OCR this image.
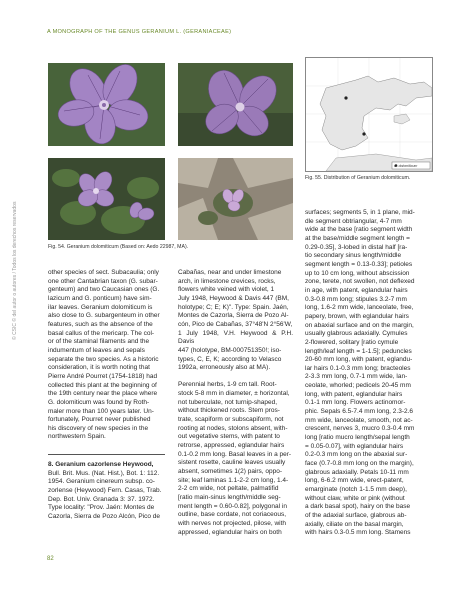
A MONOGRAPH OF THE GENUS GERANIUM L. (GERANIACEAE)
© CSIC © del autor o autores / Todos los derechos reservados	Fig. 54. Geranium dolomiticum (Based on: Aedo 22987, MA).
G. dolomiticum
Fig. 55. Distribution of Geranium dolomiticum.

other species of sect. Subacaulia; only

one other Cantabrian taxon (G. subar-

genteum) and two Caucasian ones (G.

lazicum and G. ponticum) have sim-

ilar leaves. Geranium dolomiticum is

also close to G. subargenteum in other

features, such as the absence of the

basal callus of the mericarp. The col-

or of the staminal filaments and the

indumentum of leaves and sepals

separate the two species. As a historic

consideration, it is worth noting that

Pierre André Pourret (1754-1818) had

collected this plant at the beginning of

the 19th century near the place where

G. dolomiticum was found by Roth-

maler more than 100 years later. Un-

fortunately, Pourret never published

his discovery of new species in the

northwestern Spain.

8. Geranium cazorlense Heywood,

Bull. Brit. Mus. (Nat. Hist.), Bot. 1: 112.

1954. Geranium cinereum subsp. co-

zorlense (Heywood) Fern. Casas, Trab.

Dep. Bot. Univ. Granada 3: 37. 1972.

Type locality: "Prov. Jaén: Montes de

Cazorla, Sierra de Pozo Alcón, Pico de

Cabañas, near and under limestone

arch, in limestone crevices, rocks,

flowers white veined with violet, 1

July 1948, Heywood & Davis 447 (BM,

holotype; C; E; K)". Type: Spain. Jaén,

Montes de Cazorla, Sierra de Pozo Al-

cón, Pico de Cabañas, 37°48'N 2°56'W,

1 July 1948, V.H. Heywood & P.H. Davis

447 (holotype, BM-000751350!; iso-

types, C, E, K; according to Velasco

1992a, erroneously also at MA).

Perennial herbs, 1-9 cm tall. Root-

stock 5-8 mm in diameter, ± horizontal,

not tuberculate, not turnip-shaped,

without thickened roots. Stem pros-

trate, scapiform or subscapiform, not

rooting at nodes, stolons absent, with-

out vegetative stems, with patent to

retrorse, appressed, eglandular hairs

0.1-0.2 mm long. Basal leaves in a per-

sistent rosette, cauline leaves usually

absent, sometimes 1(2) pairs, oppo-

site; leaf laminas 1.1-2-2 cm long, 1.4-

2-2 cm wide, not peltate, palmatifid

[ratio main-sinus length/middle seg-

ment length = 0.60-0.82], polygonal in

outline, base cordate, not coriaceous,

with nerves not projected, pilose, with

appressed, eglandular hairs on both

surfaces; segments 5, in 1 plane, mid-

dle segment obtriangular, 4-7 mm

wide at the base [ratio segment width

at the base/middle segment length =

0.29-0.35], 3-lobed in distal half [ra-

tio secondary sinus length/middle

segment length = 0.13-0.33]; petioles

up to 10 cm long, without abscission

zone, terete, not swollen, not deflexed

in age, with patent, eglandular hairs

0.3-0.8 mm long; stipules 3.2-7 mm

long, 1.6-2 mm wide, lanceolate, free,

papery, brown, with eglandular hairs

on abaxial surface and on the margin,

usually glabrous adaxially. Cymules

2-flowered, solitary [ratio cymule

length/leaf length = 1-1.5]; peduncles

20-60 mm long, with patent, eglandu-

lar hairs 0.1-0.3 mm long; bracteoles

2-3.3 mm long, 0.7-1 mm wide, lan-

ceolate, whorled; pedicels 20-45 mm

long, with patent, eglandular hairs

0.1-1 mm long. Flowers actinomor-

phic. Sepals 6.5-7.4 mm long, 2.3-2.6

mm wide, lanceolate, smooth, not ac-

crescent, nerves 3, mucro 0.3-0.4 mm

long [ratio mucro length/sepal length

= 0.05-0.07], with eglandular hairs

0.2-0.3 mm long on the abaxial sur-

face (0.7-0.8 mm long on the margin),

glabrous adaxially. Petals 10-11 mm

long, 6-6.2 mm wide, erect-patent,

emarginate (notch 1-1.5 mm deep),

without claw, white or pink (without

a dark basal spot), hairy on the base

of the adaxial surface, glabrous ab-

axially, ciliate on the basal margin,

with hairs 0.3-0.5 mm long. Stamens

82
